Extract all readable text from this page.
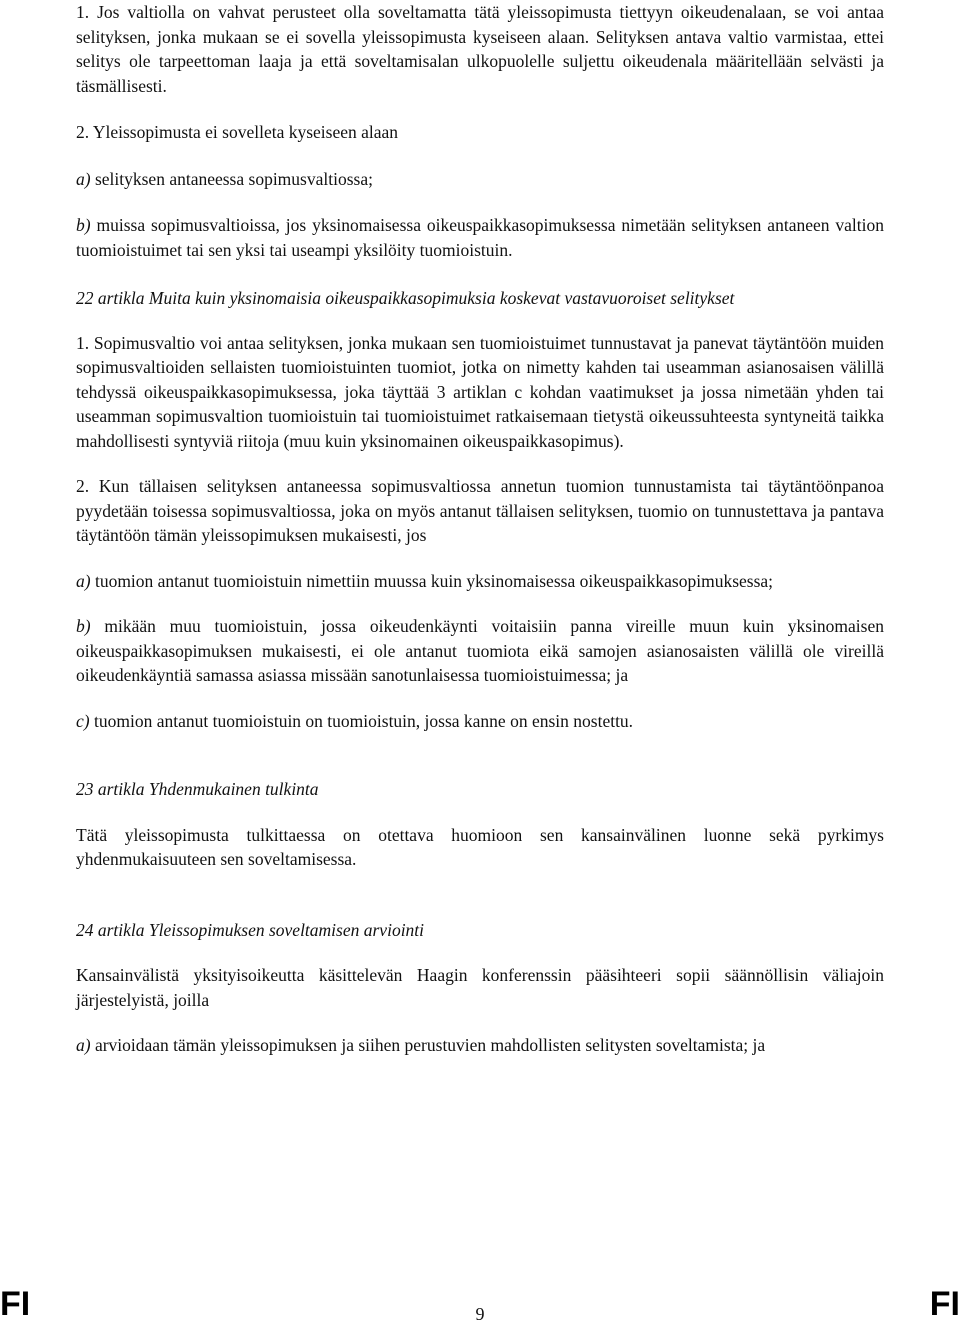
1. Jos valtiolla on vahvat perusteet olla soveltamatta tätä yleissopimusta tiettyyn oikeudenalaan, se voi antaa selityksen, jonka mukaan se ei sovella yleissopimusta kyseiseen alaan. Selityksen antava valtio varmistaa, ettei selitys ole tarpeettoman laaja ja että soveltamisalan ulkopuolelle suljettu oikeudenala määritellään selvästi ja täsmällisesti.

2. Yleissopimusta ei sovelleta kyseiseen alaan

a) selityksen antaneessa sopimusvaltiossa;

b) muissa sopimusvaltioissa, jos yksinomaisessa oikeuspaikkasopimuksessa nimetään selityksen antaneen valtion tuomioistuimet tai sen yksi tai useampi yksilöity tuomioistuin.

22 artikla Muita kuin yksinomaisia oikeuspaikkasopimuksia koskevat vastavuoroiset selitykset

1. Sopimusvaltio voi antaa selityksen, jonka mukaan sen tuomioistuimet tunnustavat ja panevat täytäntöön muiden sopimusvaltioiden sellaisten tuomioistuinten tuomiot, jotka on nimetty kahden tai useamman asianosaisen välillä tehdyssä oikeuspaikkasopimuksessa, joka täyttää 3 artiklan c kohdan vaatimukset ja jossa nimetään yhden tai useamman sopimusvaltion tuomioistuin tai tuomioistuimet ratkaisemaan tietystä oikeussuhteesta syntyneitä taikka mahdollisesti syntyviä riitoja (muu kuin yksinomainen oikeuspaikkasopimus).

2. Kun tällaisen selityksen antaneessa sopimusvaltiossa annetun tuomion tunnustamista tai täytäntöönpanoa pyydetään toisessa sopimusvaltiossa, joka on myös antanut tällaisen selityksen, tuomio on tunnustettava ja pantava täytäntöön tämän yleissopimuksen mukaisesti, jos

a) tuomion antanut tuomioistuin nimettiin muussa kuin yksinomaisessa oikeuspaikkasopimuksessa;

b) mikään muu tuomioistuin, jossa oikeudenkäynti voitaisiin panna vireille muun kuin yksinomaisen oikeuspaikkasopimuksen mukaisesti, ei ole antanut tuomiota eikä samojen asianosaisten välillä ole vireillä oikeudenkäyntiä samassa asiassa missään sanotunlaisessa tuomioistuimessa; ja

c) tuomion antanut tuomioistuin on tuomioistuin, jossa kanne on ensin nostettu.

23 artikla Yhdenmukainen tulkinta

Tätä yleissopimusta tulkittaessa on otettava huomioon sen kansainvälinen luonne sekä pyrkimys yhdenmukaisuuteen sen soveltamisessa.

24 artikla Yleissopimuksen soveltamisen arviointi

Kansainvälistä yksityisoikeutta käsittelevän Haagin konferenssin pääsihteeri sopii säännöllisin väliajoin järjestelyistä, joilla

a) arvioidaan tämän yleissopimuksen ja siihen perustuvien mahdollisten selitysten soveltamista; ja

FI	9	FI
